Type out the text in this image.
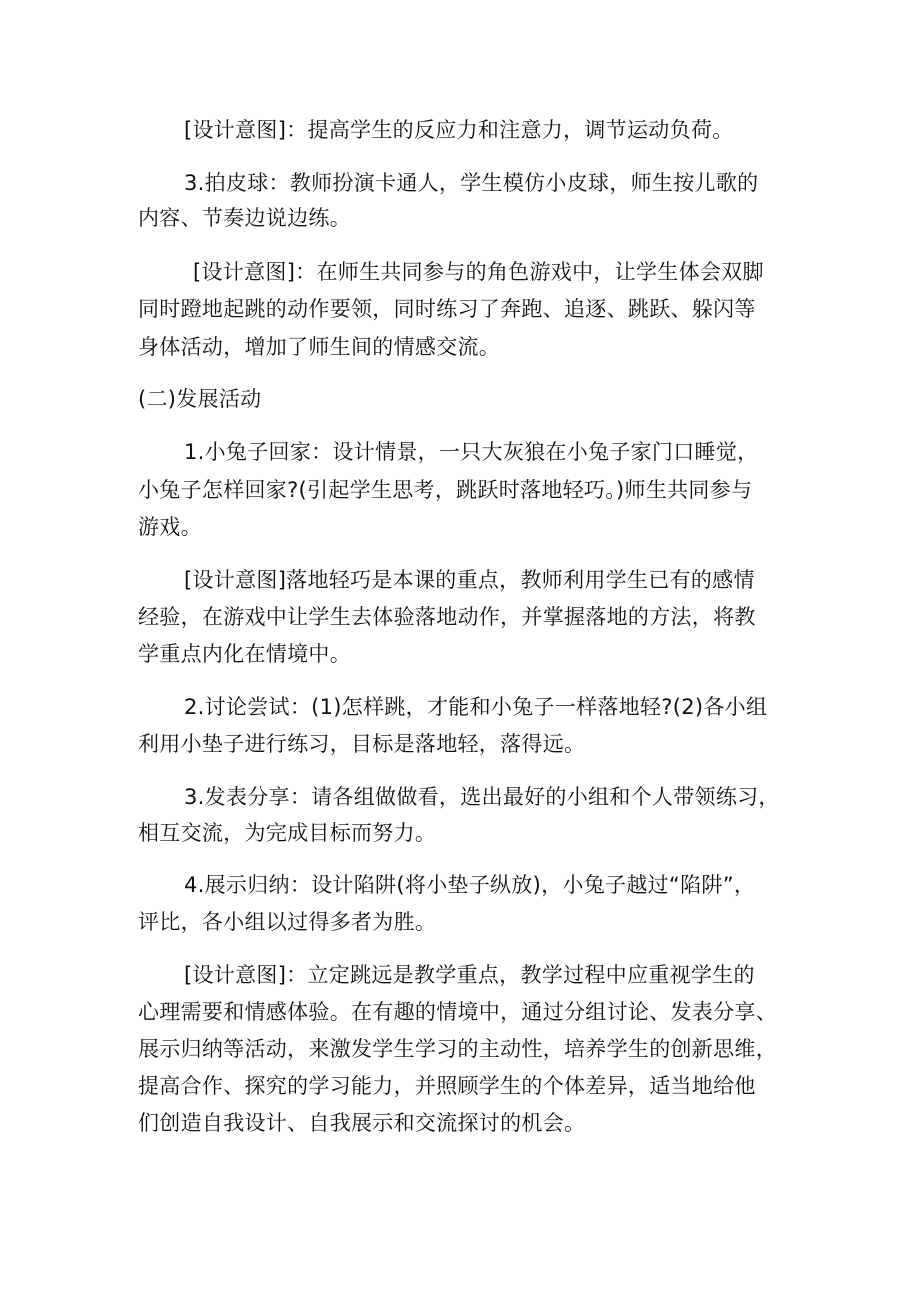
[设计意图]：提高学生的反应力和注意力，调节运动负荷。
3.拍皮球：教师扮演卡通人，学生模仿小皮球，师生按儿歌的
内容、节奏边说边练。
[设计意图]：在师生共同参与的角色游戏中，让学生体会双脚
同时蹬地起跳的动作要领，同时练习了奔跑、追逐、跳跃、躲闪等
身体活动，增加了师生间的情感交流。
(二)发展活动
1.小兔子回家：设计情景，一只大灰狼在小兔子家门口睡觉，
小兔子怎样回家?(引起学生思考，跳跃时落地轻巧。)师生共同参与
游戏。
[设计意图]落地轻巧是本课的重点，教师利用学生已有的感情
经验，在游戏中让学生去体验落地动作，并掌握落地的方法，将教
学重点内化在情境中。
2.讨论尝试：(1)怎样跳，才能和小兔子一样落地轻?(2)各小组
利用小垫子进行练习，目标是落地轻，落得远。
3.发表分享：请各组做做看，选出最好的小组和个人带领练习，
相互交流，为完成目标而努力。
4.展示归纳：设计陷阱(将小垫子纵放)，小兔子越过“陷阱”，
评比，各小组以过得多者为胜。
[设计意图]：立定跳远是教学重点，教学过程中应重视学生的
心理需要和情感体验。在有趣的情境中，通过分组讨论、发表分享、
展示归纳等活动，来激发学生学习的主动性，培养学生的创新思维，
提高合作、探究的学习能力，并照顾学生的个体差异，适当地给他
们创造自我设计、自我展示和交流探讨的机会。
